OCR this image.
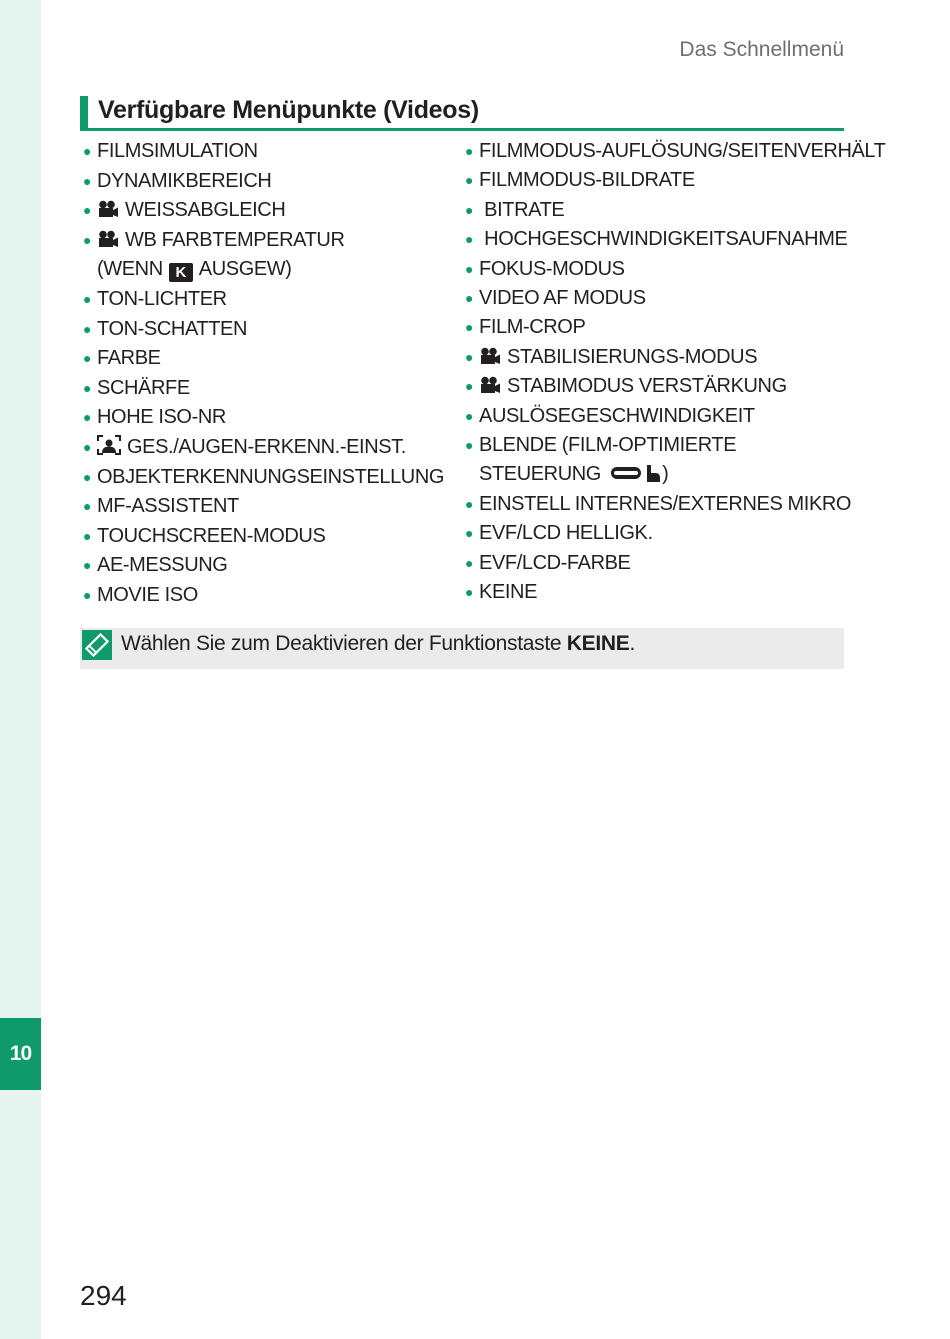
10
Das Schnellmenü
Verfügbare Menüpunkte (Videos)
● FILMSIMULATION
● DYNAMIKBEREICH
● WEISSABGLEICH
● WB FARBTEMPERATUR
(WENN K AUSGEW)
● TON-LICHTER
● TON-SCHATTEN
● FARBE
● SCHÄRFE
● HOHE ISO-NR
● GES./AUGEN-ERKENN.-EINST.
● OBJEKTERKENNUNGSEINSTELLUNG
● MF-ASSISTENT
● TOUCHSCREEN-MODUS
● AE-MESSUNG
● MOVIE ISO
● FILMMODUS-AUFLÖSUNG/SEITENVERHÄLT
● FILMMODUS-BILDRATE
● BITRATE
● HOCHGESCHWINDIGKEITSAUFNAHME
● FOKUS-MODUS
● VIDEO AF MODUS
● FILM-CROP
● STABILISIERUNGS-MODUS
● STABIMODUS VERSTÄRKUNG
● AUSLÖSEGESCHWINDIGKEIT
● BLENDE (FILM-OPTIMIERTE
STEUERUNG	)
● EINSTELL INTERNES/EXTERNES MIKRO
● EVF/LCD HELLIGK.
● EVF/LCD-FARBE
● KEINE
Wählen Sie zum Deaktivieren der Funktionstaste KEINE.
294
